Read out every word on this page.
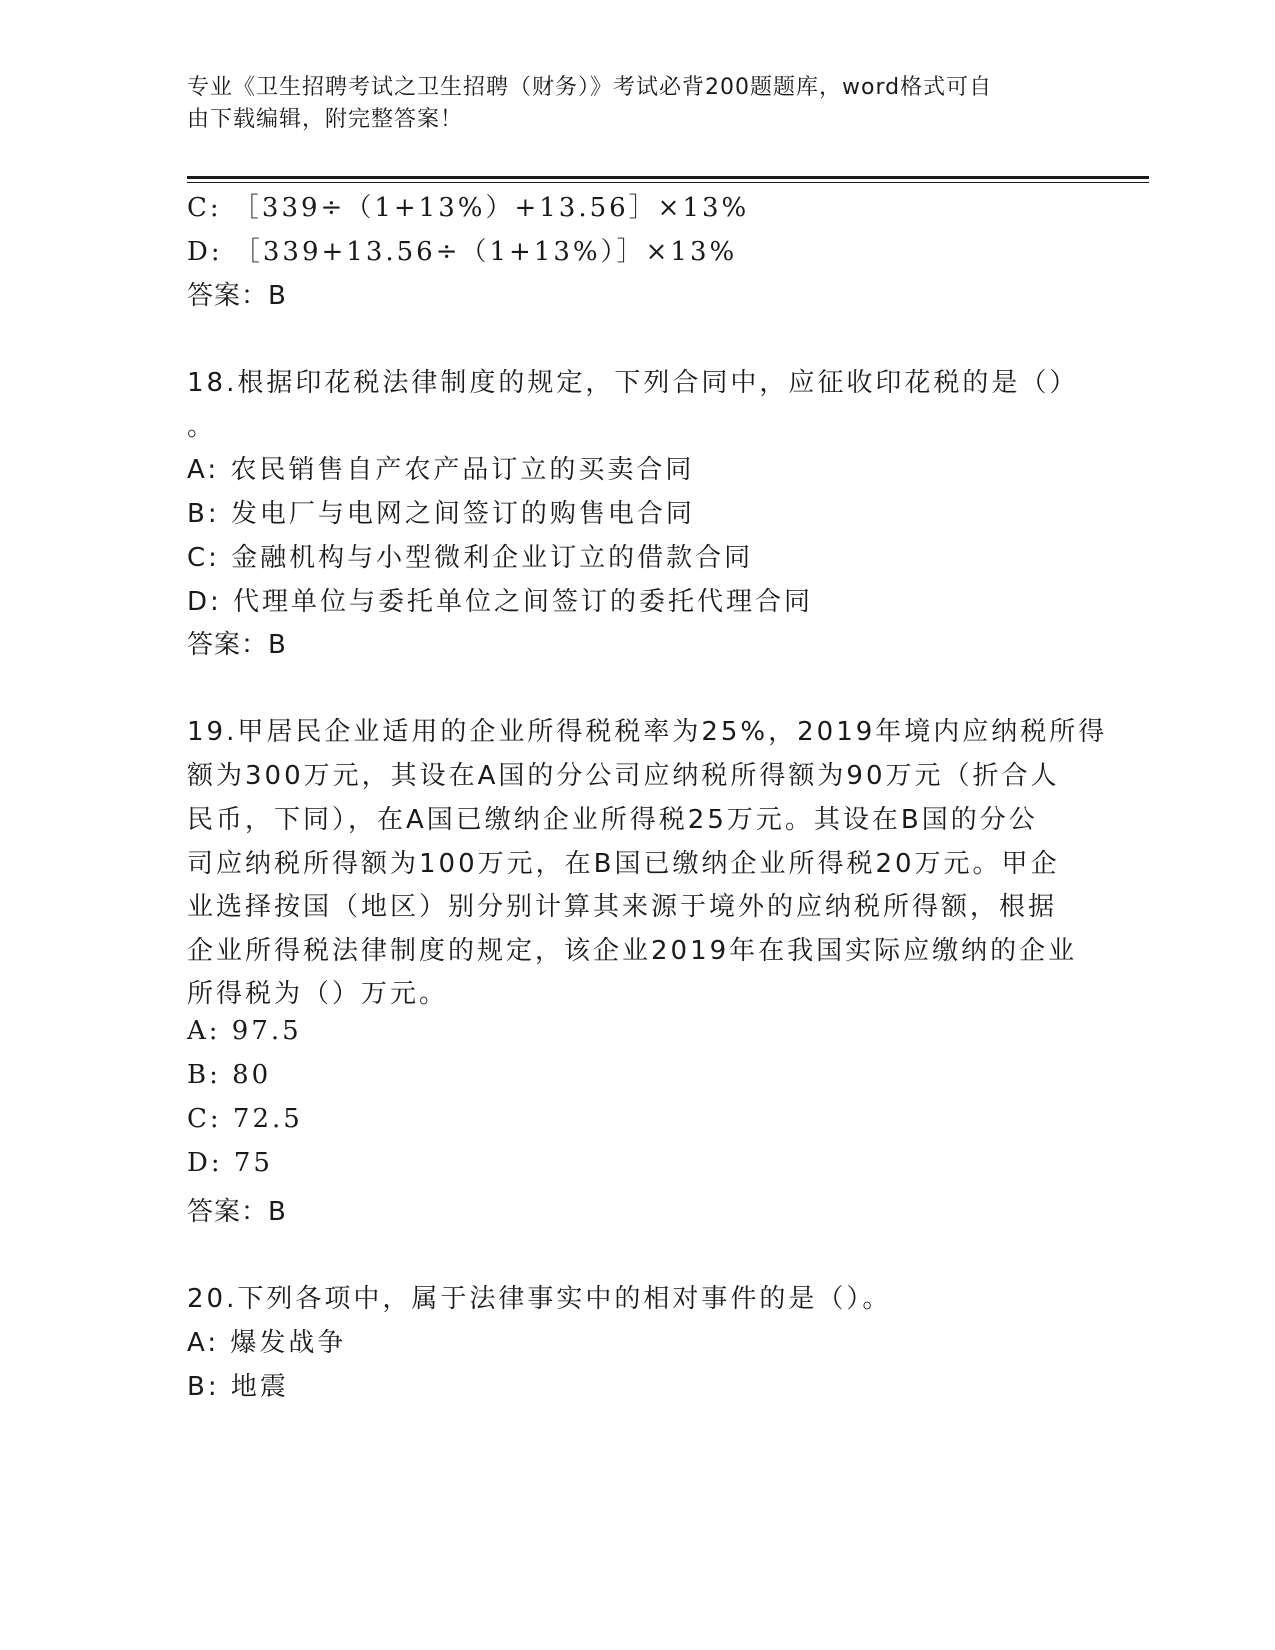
专业《卫生招聘考试之卫生招聘（财务）》考试必背200题题库，word格式可自
由下载编辑，附完整答案！
C: ［339÷（1+13%）+13.56］×13%
D: ［339+13.56÷（1+13%）］×13%
答案：B
18.根据印花税法律制度的规定，下列合同中，应征收印花税的是（）
。
A: 农民销售自产农产品订立的买卖合同
B: 发电厂与电网之间签订的购售电合同
C: 金融机构与小型微利企业订立的借款合同
D: 代理单位与委托单位之间签订的委托代理合同
答案：B
19.甲居民企业适用的企业所得税税率为25%，2019年境内应纳税所得
额为300万元，其设在A国的分公司应纳税所得额为90万元（折合人
民币，下同），在A国已缴纳企业所得税25万元。其设在B国的分公
司应纳税所得额为100万元，在B国已缴纳企业所得税20万元。甲企
业选择按国（地区）别分别计算其来源于境外的应纳税所得额，根据
企业所得税法律制度的规定，该企业2019年在我国实际应缴纳的企业
所得税为（）万元。
A: 97.5
B: 80
C: 72.5
D: 75
答案：B
20.下列各项中，属于法律事实中的相对事件的是（）。
A: 爆发战争
B: 地震
